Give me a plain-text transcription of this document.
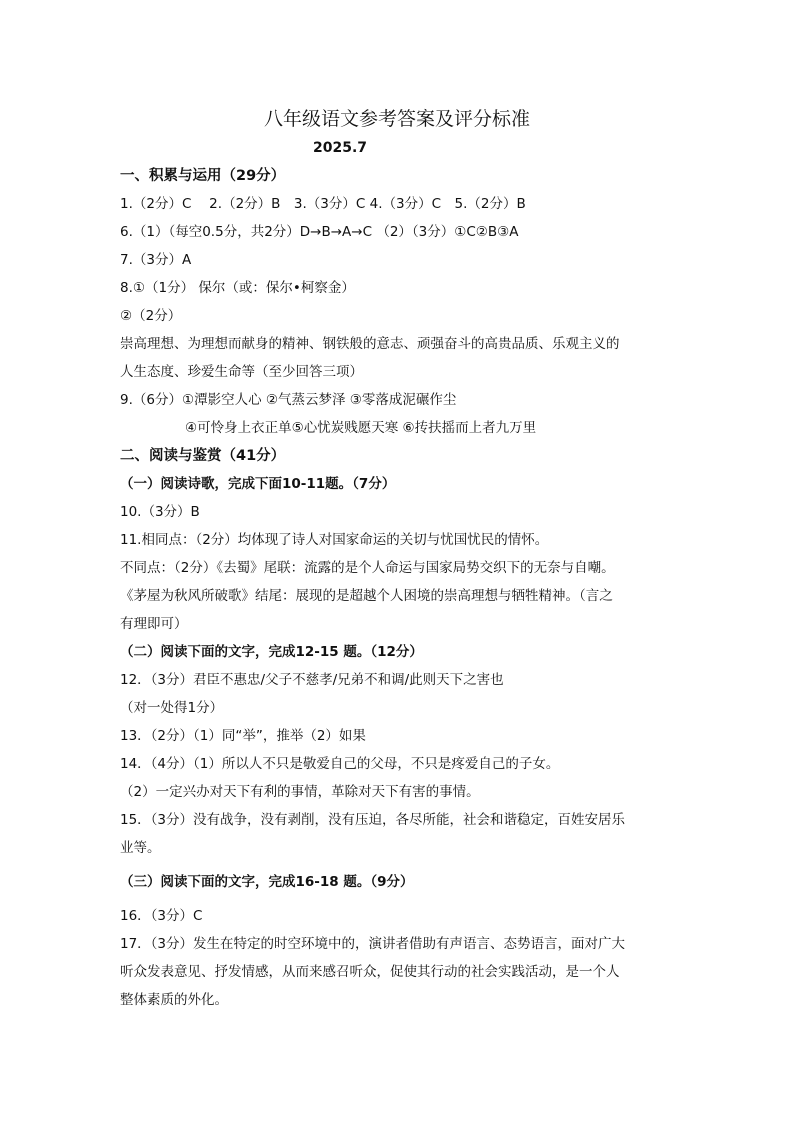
八年级语文参考答案及评分标准
2025.7
一、积累与运用（29分）
1.（2分）C　 2.（2分）B　3.（3分）C 4.（3分）C　5.（2分）B
6.（1）（每空0.5分，共2分）D→B→A→C （2）（3分）①C②B③A
7.（3分）A
8.①（1分） 保尔（或：保尔•柯察金）
②（2分）
崇高理想、为理想而献身的精神、钢铁般的意志、顽强奋斗的高贵品质、乐观主义的
人生态度、珍爱生命等（至少回答三项）
9.（6分）①潭影空人心 ②气蒸云梦泽 ③零落成泥碾作尘
④可怜身上衣正单⑤心忧炭贱愿天寒 ⑥抟扶摇而上者九万里
二、阅读与鉴赏（41分）
（一）阅读诗歌，完成下面10-11题。（7分）
10.（3分）B
11.相同点：（2分）均体现了诗人对国家命运的关切与忧国忧民的情怀。
不同点：（2分）《去蜀》尾联：流露的是个人命运与国家局势交织下的无奈与自嘲。
《茅屋为秋风所破歌》结尾：展现的是超越个人困境的崇高理想与牺牲精神。（言之
有理即可）
（二）阅读下面的文字，完成12-15 题。（12分）
12．（3分）君臣不惠忠/父子不慈孝/兄弟不和调/此则天下之害也
（对一处得1分）
13．（2分）（1）同“举”，推举（2）如果
14．（4分）（1）所以人不只是敬爱自己的父母，不只是疼爱自己的子女。
（2）一定兴办对天下有利的事情，革除对天下有害的事情。
15．（3分）没有战争，没有剥削，没有压迫，各尽所能，社会和谐稳定，百姓安居乐
业等。
（三）阅读下面的文字，完成16-18 题。（9分）
16．（3分）C
17．（3分）发生在特定的时空环境中的，演讲者借助有声语言、态势语言，面对广大
听众发表意见、抒发情感，从而来感召听众，促使其行动的社会实践活动，是一个人
整体素质的外化。
